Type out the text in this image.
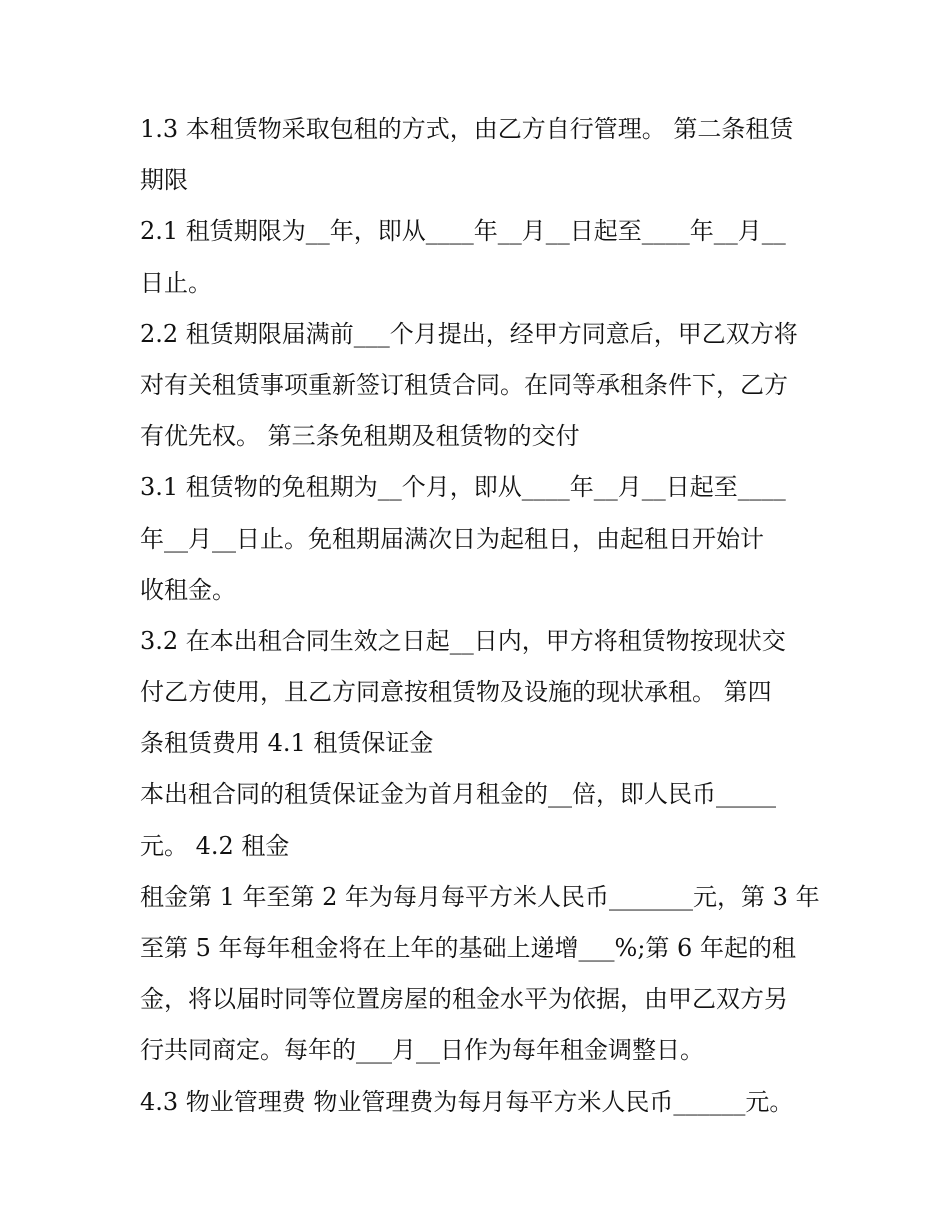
1.3 本租赁物采取包租的方式，由乙方自行管理。 第二条租赁
期限
2.1 租赁期限为__年，即从____年__月__日起至____年__月__
日止。
2.2 租赁期限届满前___个月提出，经甲方同意后，甲乙双方将
对有关租赁事项重新签订租赁合同。在同等承租条件下，乙方
有优先权。 第三条免租期及租赁物的交付
3.1 租赁物的免租期为__个月，即从____年__月__日起至____
年__月__日止。免租期届满次日为起租日，由起租日开始计
收租金。
3.2 在本出租合同生效之日起__日内，甲方将租赁物按现状交
付乙方使用，且乙方同意按租赁物及设施的现状承租。 第四
条租赁费用 4.1 租赁保证金
本出租合同的租赁保证金为首月租金的__倍，即人民币_____
元。 4.2 租金
租金第 1 年至第 2 年为每月每平方米人民币_______元，第 3 年
至第 5 年每年租金将在上年的基础上递增___%;第 6 年起的租
金，将以届时同等位置房屋的租金水平为依据，由甲乙双方另
行共同商定。每年的___月__日作为每年租金调整日。
4.3 物业管理费 物业管理费为每月每平方米人民币______元。
